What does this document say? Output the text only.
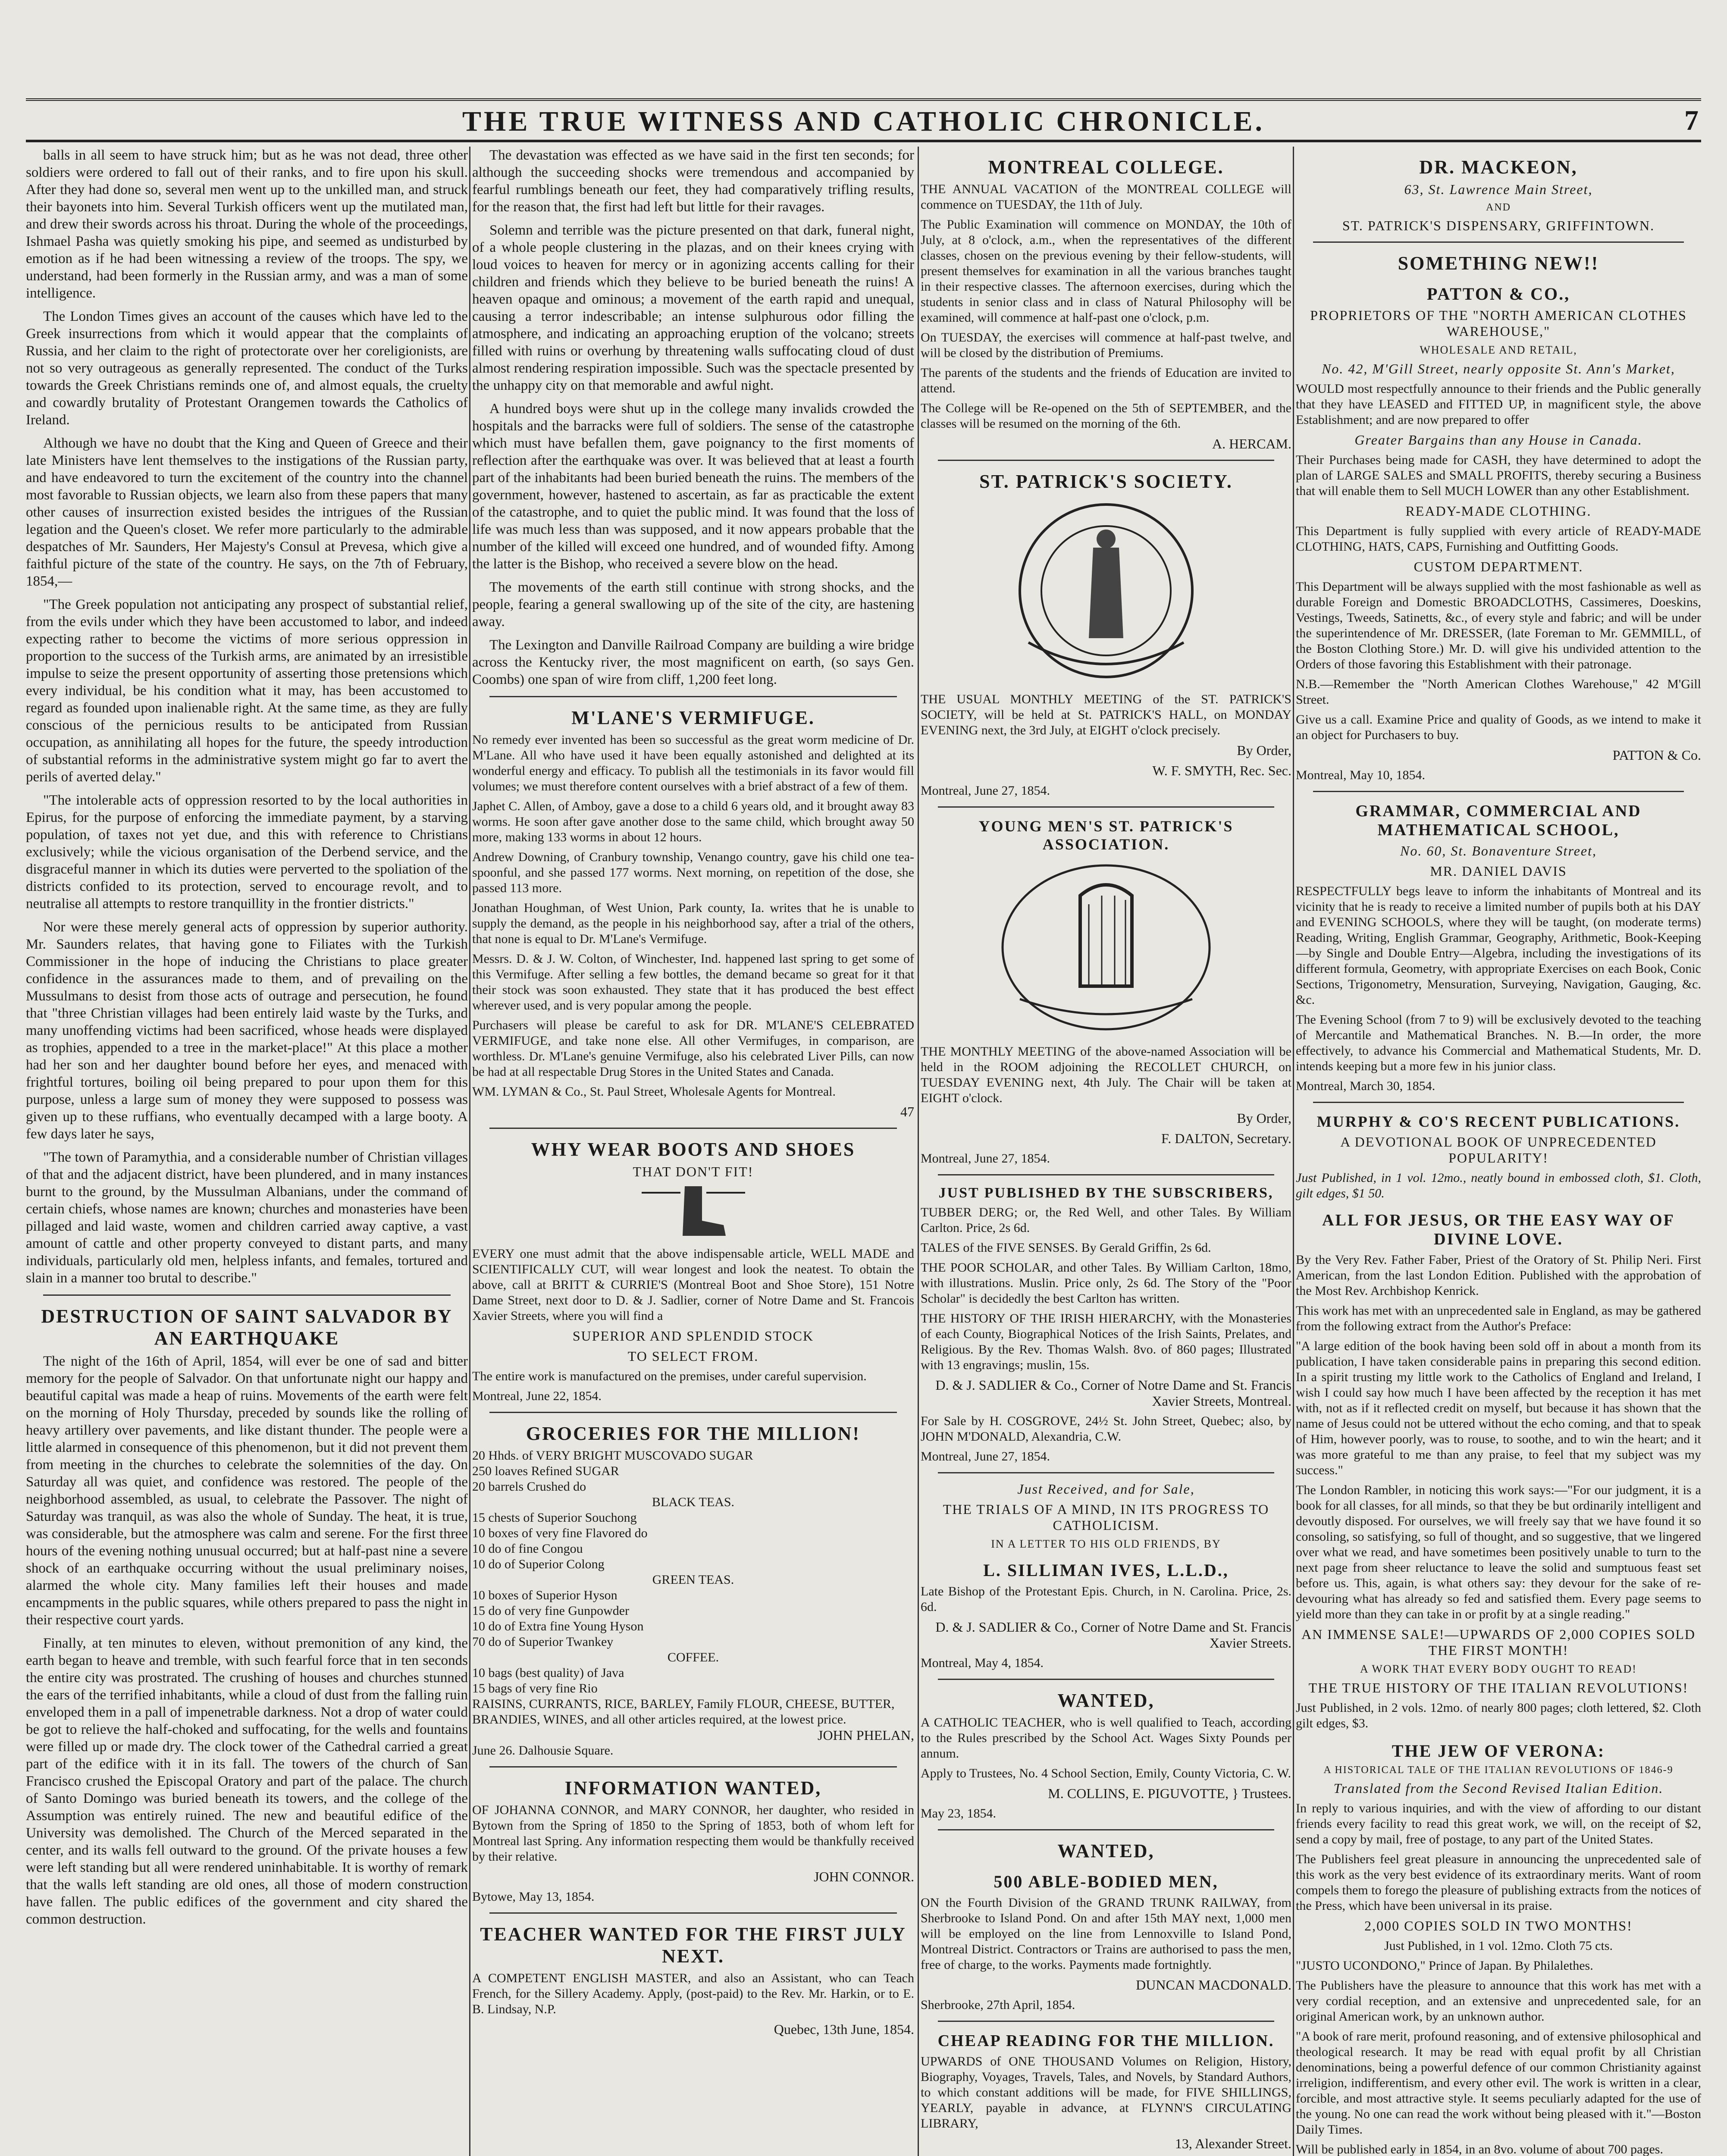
THE TRUE WITNESS AND CATHOLIC CHRONICLE.	7

balls in all seem to have struck him; but as he was not dead, three other soldiers were ordered to fall out of their ranks, and to fire upon his skull. After they had done so, several men went up to the unkilled man, and struck their bayonets into him. Several Turkish officers went up the mutilated man, and drew their swords across his throat. During the whole of the proceedings, Ishmael Pasha was quietly smoking his pipe, and seemed as undisturbed by emotion as if he had been witnessing a review of the troops. The spy, we understand, had been formerly in the Russian army, and was a man of some intelligence.

The London Times gives an account of the causes which have led to the Greek insurrections from which it would appear that the complaints of Russia, and her claim to the right of protectorate over her coreligionists, are not so very outrageous as generally represented. The conduct of the Turks towards the Greek Christians reminds one of, and almost equals, the cruelty and cowardly brutality of Protestant Orangemen towards the Catholics of Ireland.

Although we have no doubt that the King and Queen of Greece and their late Ministers have lent themselves to the instigations of the Russian party, and have endeavored to turn the excitement of the country into the channel most favorable to Russian objects, we learn also from these papers that many other causes of insurrection existed besides the intrigues of the Russian legation and the Queen's closet. We refer more particularly to the admirable despatches of Mr. Saunders, Her Majesty's Consul at Prevesa, which give a faithful picture of the state of the country. He says, on the 7th of February, 1854,—

"The Greek population not anticipating any prospect of substantial relief, from the evils under which they have been accustomed to labor, and indeed expecting rather to become the victims of more serious oppression in proportion to the success of the Turkish arms, are animated by an irresistible impulse to seize the present opportunity of asserting those pretensions which every individual, be his condition what it may, has been accustomed to regard as founded upon inalienable right. At the same time, as they are fully conscious of the pernicious results to be anticipated from Russian occupation, as annihilating all hopes for the future, the speedy introduction of substantial reforms in the administrative system might go far to avert the perils of averted delay."

"The intolerable acts of oppression resorted to by the local authorities in Epirus, for the purpose of enforcing the immediate payment, by a starving population, of taxes not yet due, and this with reference to Christians exclusively; while the vicious organisation of the Derbend service, and the disgraceful manner in which its duties were perverted to the spoliation of the districts confided to its protection, served to encourage revolt, and to neutralise all attempts to restore tranquillity in the frontier districts."

Nor were these merely general acts of oppression by superior authority. Mr. Saunders relates, that having gone to Filiates with the Turkish Commissioner in the hope of inducing the Christians to place greater confidence in the assurances made to them, and of prevailing on the Mussulmans to desist from those acts of outrage and persecution, he found that "three Christian villages had been entirely laid waste by the Turks, and many unoffending victims had been sacrificed, whose heads were displayed as trophies, appended to a tree in the market-place!" At this place a mother had her son and her daughter bound before her eyes, and menaced with frightful tortures, boiling oil being prepared to pour upon them for this purpose, unless a large sum of money they were supposed to possess was given up to these ruffians, who eventually decamped with a large booty. A few days later he says,

"The town of Paramythia, and a considerable number of Christian villages of that and the adjacent district, have been plundered, and in many instances burnt to the ground, by the Mussulman Albanians, under the command of certain chiefs, whose names are known; churches and monasteries have been pillaged and laid waste, women and children carried away captive, a vast amount of cattle and other property conveyed to distant parts, and many individuals, particularly old men, helpless infants, and females, tortured and slain in a manner too brutal to describe."

DESTRUCTION OF SAINT SALVADOR BY AN EARTHQUAKE

The night of the 16th of April, 1854, will ever be one of sad and bitter memory for the people of Salvador. On that unfortunate night our happy and beautiful capital was made a heap of ruins. Movements of the earth were felt on the morning of Holy Thursday, preceded by sounds like the rolling of heavy artillery over pavements, and like distant thunder. The people were a little alarmed in consequence of this phenomenon, but it did not prevent them from meeting in the churches to celebrate the solemnities of the day. On Saturday all was quiet, and confidence was restored. The people of the neighborhood assembled, as usual, to celebrate the Passover. The night of Saturday was tranquil, as was also the whole of Sunday. The heat, it is true, was considerable, but the atmosphere was calm and serene. For the first three hours of the evening nothing unusual occurred; but at half-past nine a severe shock of an earthquake occurring without the usual preliminary noises, alarmed the whole city. Many families left their houses and made encampments in the public squares, while others prepared to pass the night in their respective court yards.

Finally, at ten minutes to eleven, without premonition of any kind, the earth began to heave and tremble, with such fearful force that in ten seconds the entire city was prostrated. The crushing of houses and churches stunned the ears of the terrified inhabitants, while a cloud of dust from the falling ruin enveloped them in a pall of impenetrable darkness. Not a drop of water could be got to relieve the half-choked and suffocating, for the wells and fountains were filled up or made dry. The clock tower of the Cathedral carried a great part of the edifice with it in its fall. The towers of the church of San Francisco crushed the Episcopal Oratory and part of the palace. The church of Santo Domingo was buried beneath its towers, and the college of the Assumption was entirely ruined. The new and beautiful edifice of the University was demolished. The Church of the Merced separated in the center, and its walls fell outward to the ground. Of the private houses a few were left standing but all were rendered uninhabitable. It is worthy of remark that the walls left standing are old ones, all those of modern construction have fallen. The public edifices of the government and city shared the common destruction.

The devastation was effected as we have said in the first ten seconds; for although the succeeding shocks were tremendous and accompanied by fearful rumblings beneath our feet, they had comparatively trifling results, for the reason that, the first had left but little for their ravages.

Solemn and terrible was the picture presented on that dark, funeral night, of a whole people clustering in the plazas, and on their knees crying with loud voices to heaven for mercy or in agonizing accents calling for their children and friends which they believe to be buried beneath the ruins! A heaven opaque and ominous; a movement of the earth rapid and unequal, causing a terror indescribable; an intense sulphurous odor filling the atmosphere, and indicating an approaching eruption of the volcano; streets filled with ruins or overhung by threatening walls suffocating cloud of dust almost rendering respiration impossible. Such was the spectacle presented by the unhappy city on that memorable and awful night.

A hundred boys were shut up in the college many invalids crowded the hospitals and the barracks were full of soldiers. The sense of the catastrophe which must have befallen them, gave poignancy to the first moments of reflection after the earthquake was over. It was believed that at least a fourth part of the inhabitants had been buried beneath the ruins. The members of the government, however, hastened to ascertain, as far as practicable the extent of the catastrophe, and to quiet the public mind. It was found that the loss of life was much less than was supposed, and it now appears probable that the number of the killed will exceed one hundred, and of wounded fifty. Among the latter is the Bishop, who received a severe blow on the head.

The movements of the earth still continue with strong shocks, and the people, fearing a general swallowing up of the site of the city, are hastening away.

The Lexington and Danville Railroad Company are building a wire bridge across the Kentucky river, the most magnificent on earth, (so says Gen. Coombs) one span of wire from cliff, 1,200 feet long.

M'LANE'S VERMIFUGE.

No remedy ever invented has been so successful as the great worm medicine of Dr. M'Lane. All who have used it have been equally astonished and delighted at its wonderful energy and efficacy. To publish all the testimonials in its favor would fill volumes; we must therefore content ourselves with a brief abstract of a few of them.

Japhet C. Allen, of Amboy, gave a dose to a child 6 years old, and it brought away 83 worms. He soon after gave another dose to the same child, which brought away 50 more, making 133 worms in about 12 hours.

Andrew Downing, of Cranbury township, Venango country, gave his child one tea-spoonful, and she passed 177 worms. Next morning, on repetition of the dose, she passed 113 more.

Jonathan Houghman, of West Union, Park county, Ia. writes that he is unable to supply the demand, as the people in his neighborhood say, after a trial of the others, that none is equal to Dr. M'Lane's Vermifuge.

Messrs. D. & J. W. Colton, of Winchester, Ind. happened last spring to get some of this Vermifuge. After selling a few bottles, the demand became so great for it that their stock was soon exhausted. They state that it has produced the best effect wherever used, and is very popular among the people.

Purchasers will please be careful to ask for DR. M'LANE'S CELEBRATED VERMIFUGE, and take none else. All other Vermifuges, in comparison, are worthless. Dr. M'Lane's genuine Vermifuge, also his celebrated Liver Pills, can now be had at all respectable Drug Stores in the United States and Canada.

WM. LYMAN & Co., St. Paul Street, Wholesale Agents for Montreal.

47

WHY WEAR BOOTS AND SHOES
THAT DON'T FIT!

EVERY one must admit that the above indispensable article, WELL MADE and SCIENTIFICALLY CUT, will wear longest and look the neatest. To obtain the above, call at BRITT & CURRIE'S (Montreal Boot and Shoe Store), 151 Notre Dame Street, next door to D. & J. Sadlier, corner of Notre Dame and St. Francois Xavier Streets, where you will find a

SUPERIOR AND SPLENDID STOCK
TO SELECT FROM.

The entire work is manufactured on the premises, under careful supervision.

Montreal, June 22, 1854.

GROCERIES FOR THE MILLION!
20 Hhds. of VERY BRIGHT MUSCOVADO SUGAR
250 loaves Refined SUGAR
20 barrels Crushed do
BLACK TEAS.
15 chests of Superior Souchong
10 boxes of very fine Flavored do
10 do of fine Congou
10 do of Superior Colong
GREEN TEAS.
10 boxes of Superior Hyson
15 do of very fine Gunpowder
10 do of Extra fine Young Hyson
70 do of Superior Twankey
COFFEE.
10 bags (best quality) of Java
15 bags of very fine Rio
RAISINS, CURRANTS, RICE, BARLEY, Family FLOUR, CHEESE, BUTTER, BRANDIES, WINES, and all other articles required, at the lowest price.
JOHN PHELAN,
June 26. Dalhousie Square.
INFORMATION WANTED,

OF JOHANNA CONNOR, and MARY CONNOR, her daughter, who resided in Bytown from the Spring of 1850 to the Spring of 1853, both of whom left for Montreal last Spring. Any information respecting them would be thankfully received by their relative.

JOHN CONNOR.

Bytowe, May 13, 1854.

TEACHER WANTED FOR THE FIRST JULY NEXT.

A COMPETENT ENGLISH MASTER, and also an Assistant, who can Teach French, for the Sillery Academy. Apply, (post-paid) to the Rev. Mr. Harkin, or to E. B. Lindsay, N.P.

Quebec, 13th June, 1854.

MONTREAL COLLEGE.

THE ANNUAL VACATION of the MONTREAL COLLEGE will commence on TUESDAY, the 11th of July.

The Public Examination will commence on MONDAY, the 10th of July, at 8 o'clock, a.m., when the representatives of the different classes, chosen on the previous evening by their fellow-students, will present themselves for examination in all the various branches taught in their respective classes. The afternoon exercises, during which the students in senior class and in class of Natural Philosophy will be examined, will commence at half-past one o'clock, p.m.

On TUESDAY, the exercises will commence at half-past twelve, and will be closed by the distribution of Premiums.

The parents of the students and the friends of Education are invited to attend.

The College will be Re-opened on the 5th of SEPTEMBER, and the classes will be resumed on the morning of the 6th.

A. HERCAM.

ST. PATRICK'S SOCIETY.

THE USUAL MONTHLY MEETING of the ST. PATRICK'S SOCIETY, will be held at St. PATRICK'S HALL, on MONDAY EVENING next, the 3rd July, at EIGHT o'clock precisely.

By Order,

W. F. SMYTH, Rec. Sec.

Montreal, June 27, 1854.

YOUNG MEN'S ST. PATRICK'S ASSOCIATION.

THE MONTHLY MEETING of the above-named Association will be held in the ROOM adjoining the RECOLLET CHURCH, on TUESDAY EVENING next, 4th July. The Chair will be taken at EIGHT o'clock.

By Order,

F. DALTON, Secretary.

Montreal, June 27, 1854.

JUST PUBLISHED BY THE SUBSCRIBERS,

TUBBER DERG; or, the Red Well, and other Tales. By William Carlton. Price, 2s 6d.

TALES of the FIVE SENSES. By Gerald Griffin, 2s 6d.

THE POOR SCHOLAR, and other Tales. By William Carlton, 18mo, with illustrations. Muslin. Price only, 2s 6d. The Story of the "Poor Scholar" is decidedly the best Carlton has written.

THE HISTORY OF THE IRISH HIERARCHY, with the Monasteries of each County, Biographical Notices of the Irish Saints, Prelates, and Religious. By the Rev. Thomas Walsh. 8vo. of 860 pages; Illustrated with 13 engravings; muslin, 15s.

D. & J. SADLIER & Co., Corner of Notre Dame and St. Francis Xavier Streets, Montreal.

For Sale by H. COSGROVE, 24½ St. John Street, Quebec; also, by JOHN M'DONALD, Alexandria, C.W.

Montreal, June 27, 1854.

Just Received, and for Sale,
THE TRIALS OF A MIND, IN ITS PROGRESS TO CATHOLICISM.
IN A LETTER TO HIS OLD FRIENDS, BY
L. SILLIMAN IVES, L.L.D.,

Late Bishop of the Protestant Epis. Church, in N. Carolina. Price, 2s. 6d.

D. & J. SADLIER & Co., Corner of Notre Dame and St. Francis Xavier Streets.

Montreal, May 4, 1854.

WANTED,

A CATHOLIC TEACHER, who is well qualified to Teach, according to the Rules prescribed by the School Act. Wages Sixty Pounds per annum.

Apply to Trustees, No. 4 School Section, Emily, County Victoria, C. W.

M. COLLINS, E. PIGUVOTTE, } Trustees.

May 23, 1854.

WANTED,
500 ABLE-BODIED MEN,

ON the Fourth Division of the GRAND TRUNK RAILWAY, from Sherbrooke to Island Pond. On and after 15th MAY next, 1,000 men will be employed on the line from Lennoxville to Island Pond, Montreal District. Contractors or Trains are authorised to pass the men, free of charge, to the works. Payments made fortnightly.

DUNCAN MACDONALD.

Sherbrooke, 27th April, 1854.

CHEAP READING FOR THE MILLION.

UPWARDS of ONE THOUSAND Volumes on Religion, History, Biography, Voyages, Travels, Tales, and Novels, by Standard Authors, to which constant additions will be made, for FIVE SHILLINGS, YEARLY, payable in advance, at FLYNN'S CIRCULATING LIBRARY,

13, Alexander Street.

DR. MACKEON,
63, St. Lawrence Main Street,
AND
ST. PATRICK'S DISPENSARY, GRIFFINTOWN.
SOMETHING NEW!!
PATTON & CO.,
PROPRIETORS OF THE "NORTH AMERICAN CLOTHES WAREHOUSE,"
WHOLESALE AND RETAIL,
No. 42, M'Gill Street, nearly opposite St. Ann's Market,

WOULD most respectfully announce to their friends and the Public generally that they have LEASED and FITTED UP, in magnificent style, the above Establishment; and are now prepared to offer

Greater Bargains than any House in Canada.

Their Purchases being made for CASH, they have determined to adopt the plan of LARGE SALES and SMALL PROFITS, thereby securing a Business that will enable them to Sell MUCH LOWER than any other Establishment.

READY-MADE CLOTHING.

This Department is fully supplied with every article of READY-MADE CLOTHING, HATS, CAPS, Furnishing and Outfitting Goods.

CUSTOM DEPARTMENT.

This Department will be always supplied with the most fashionable as well as durable Foreign and Domestic BROADCLOTHS, Cassimeres, Doeskins, Vestings, Tweeds, Satinetts, &c., of every style and fabric; and will be under the superintendence of Mr. DRESSER, (late Foreman to Mr. GEMMILL, of the Boston Clothing Store.) Mr. D. will give his undivided attention to the Orders of those favoring this Establishment with their patronage.

N.B.—Remember the "North American Clothes Warehouse," 42 M'Gill Street.

Give us a call. Examine Price and quality of Goods, as we intend to make it an object for Purchasers to buy.

PATTON & Co.

Montreal, May 10, 1854.

GRAMMAR, COMMERCIAL AND MATHEMATICAL SCHOOL,
No. 60, St. Bonaventure Street,
MR. DANIEL DAVIS

RESPECTFULLY begs leave to inform the inhabitants of Montreal and its vicinity that he is ready to receive a limited number of pupils both at his DAY and EVENING SCHOOLS, where they will be taught, (on moderate terms) Reading, Writing, English Grammar, Geography, Arithmetic, Book-Keeping—by Single and Double Entry—Algebra, including the investigations of its different formula, Geometry, with appropriate Exercises on each Book, Conic Sections, Trigonometry, Mensuration, Surveying, Navigation, Gauging, &c. &c.

The Evening School (from 7 to 9) will be exclusively devoted to the teaching of Mercantile and Mathematical Branches. N. B.—In order, the more effectively, to advance his Commercial and Mathematical Students, Mr. D. intends keeping but a more few in his junior class.

Montreal, March 30, 1854.

MURPHY & CO'S RECENT PUBLICATIONS.
A DEVOTIONAL BOOK OF UNPRECEDENTED POPULARITY!

Just Published, in 1 vol. 12mo., neatly bound in embossed cloth, $1. Cloth, gilt edges, $1 50.

ALL FOR JESUS, OR THE EASY WAY OF DIVINE LOVE.

By the Very Rev. Father Faber, Priest of the Oratory of St. Philip Neri. First American, from the last London Edition. Published with the approbation of the Most Rev. Archbishop Kenrick.

This work has met with an unprecedented sale in England, as may be gathered from the following extract from the Author's Preface:

"A large edition of the book having been sold off in about a month from its publication, I have taken considerable pains in preparing this second edition. In a spirit trusting my little work to the Catholics of England and Ireland, I wish I could say how much I have been affected by the reception it has met with, not as if it reflected credit on myself, but because it has shown that the name of Jesus could not be uttered without the echo coming, and that to speak of Him, however poorly, was to rouse, to soothe, and to win the heart; and it was more grateful to me than any praise, to feel that my subject was my success."

The London Rambler, in noticing this work says:—"For our judgment, it is a book for all classes, for all minds, so that they be but ordinarily intelligent and devoutly disposed. For ourselves, we will freely say that we have found it so consoling, so satisfying, so full of thought, and so suggestive, that we lingered over what we read, and have sometimes been positively unable to turn to the next page from sheer reluctance to leave the solid and sumptuous feast set before us. This, again, is what others say: they devour for the sake of re-devouring what has already so fed and satisfied them. Every page seems to yield more than they can take in or profit by at a single reading."

AN IMMENSE SALE!—UPWARDS OF 2,000 COPIES SOLD THE FIRST MONTH!
A WORK THAT EVERY BODY OUGHT TO READ!
THE TRUE HISTORY OF THE ITALIAN REVOLUTIONS!

Just Published, in 2 vols. 12mo. of nearly 800 pages; cloth lettered, $2. Cloth gilt edges, $3.

THE JEW OF VERONA:
A HISTORICAL TALE OF THE ITALIAN REVOLUTIONS OF 1846-9
Translated from the Second Revised Italian Edition.

In reply to various inquiries, and with the view of affording to our distant friends every facility to read this great work, we will, on the receipt of $2, send a copy by mail, free of postage, to any part of the United States.

The Publishers feel great pleasure in announcing the unprecedented sale of this work as the very best evidence of its extraordinary merits. Want of room compels them to forego the pleasure of publishing extracts from the notices of the Press, which have been universal in its praise.

2,000 COPIES SOLD IN TWO MONTHS!

Just Published, in 1 vol. 12mo. Cloth 75 cts.

"JUSTO UCONDONO," Prince of Japan. By Philalethes.

The Publishers have the pleasure to announce that this work has met with a very cordial reception, and an extensive and unprecedented sale, for an original American work, by an unknown author.

"A book of rare merit, profound reasoning, and of extensive philosophical and theological research. It may be read with equal profit by all Christian denominations, being a powerful defence of our common Christianity against irreligion, indifferentism, and every other evil. The work is written in a clear, forcible, and most attractive style. It seems peculiarly adapted for the use of the young. No one can read the work without being pleased with it."—Boston Daily Times.

Will be published early in 1854, in an 8vo. volume of about 700 pages.
